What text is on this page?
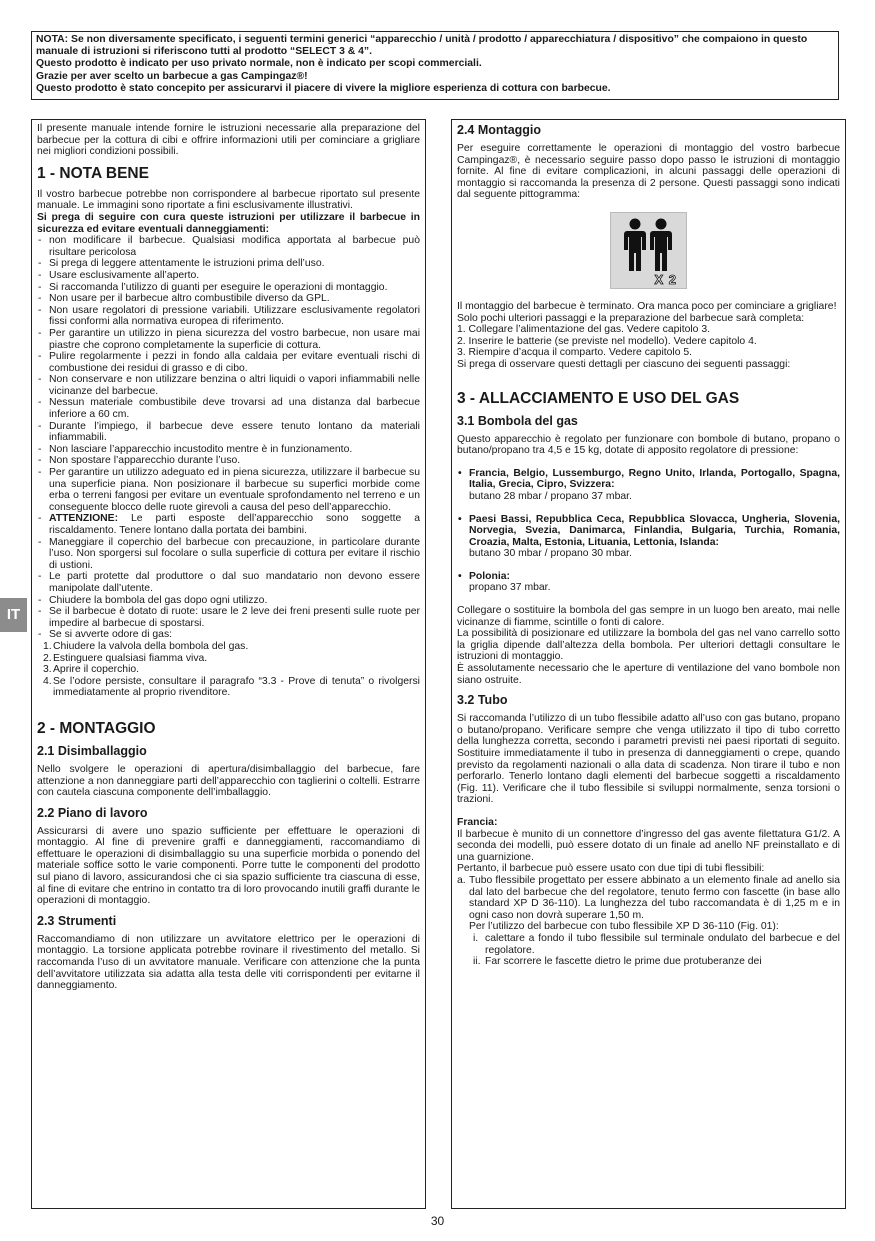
NOTA: Se non diversamente specificato, i seguenti termini generici “apparecchio / unità / prodotto / apparecchiatura / dispositivo” che compaiono in questo manuale di istruzioni si riferiscono tutti al prodotto “SELECT 3 & 4”.

Questo prodotto è indicato per uso privato normale, non è indicato per scopi commerciali.

Grazie per aver scelto un barbecue a gas Campingaz®!

Questo prodotto è stato concepito per assicurarvi il piacere di vivere la migliore esperienza di cottura con barbecue.

IT

Il presente manuale intende fornire le istruzioni necessarie alla preparazione del barbecue per la cottura di cibi e offrire informazioni utili per cominciare a grigliare nei migliori condizioni possibili.

1 - NOTA BENE

Il vostro barbecue potrebbe non corrispondere al barbecue riportato sul presente manuale. Le immagini sono riportate a fini esclusivamente illustrativi.

Si prega di seguire con cura queste istruzioni per utilizzare il barbecue in sicurezza ed evitare eventuali danneggiamenti:

- non modificare il barbecue. Qualsiasi modifica apportata al barbecue può risultare pericolosa
- Si prega di leggere attentamente le istruzioni prima dell’uso.
- Usare esclusivamente all’aperto.
- Si raccomanda l’utilizzo di guanti per eseguire le operazioni di montaggio.
- Non usare per il barbecue altro combustibile diverso da GPL.
- Non usare regolatori di pressione variabili. Utilizzare esclusivamente regolatori fissi conformi alla normativa europea di riferimento.
- Per garantire un utilizzo in piena sicurezza del vostro barbecue, non usare mai piastre che coprono completamente la superficie di cottura.
- Pulire regolarmente i pezzi in fondo alla caldaia per evitare eventuali rischi di combustione dei residui di grasso e di cibo.
- Non conservare e non utilizzare benzina o altri liquidi o vapori infiammabili nelle vicinanze del barbecue.
- Nessun materiale combustibile deve trovarsi ad una distanza dal barbecue inferiore a 60 cm.
- Durante l’impiego, il barbecue deve essere tenuto lontano da materiali infiammabili.
- Non lasciare l’apparecchio incustodito mentre è in funzionamento.
- Non spostare l’apparecchio durante l’uso.
- Per garantire un utilizzo adeguato ed in piena sicurezza, utilizzare il barbecue su una superficie piana. Non posizionare il barbecue su superfici morbide come erba o terreni fangosi per evitare un eventuale sprofondamento nel terreno e un conseguente blocco delle ruote girevoli a causa del peso dell’apparecchio.
- ATTENZIONE: Le parti esposte dell’apparecchio sono soggette a riscaldamento. Tenere lontano dalla portata dei bambini.
- Maneggiare il coperchio del barbecue con precauzione, in particolare durante l’uso. Non sporgersi sul focolare o sulla superficie di cottura per evitare il rischio di ustioni.
- Le parti protette dal produttore o dal suo mandatario non devono essere manipolate dall’utente.
- Chiudere la bombola del gas dopo ogni utilizzo.
- Se il barbecue è dotato di ruote: usare le 2 leve dei freni presenti sulle ruote per impedire al barbecue di spostarsi.
- Se si avverte odore di gas:
1. Chiudere la valvola della bombola del gas.
2. Estinguere qualsiasi fiamma viva.
3. Aprire il coperchio.
4. Se l’odore persiste, consultare il paragrafo “3.3 - Prove di tenuta” o rivolgersi immediatamente al proprio rivenditore.
2 - MONTAGGIO
2.1 Disimballaggio

Nello svolgere le operazioni di apertura/disimballaggio del barbecue, fare attenzione a non danneggiare parti dell’apparecchio con taglierini o coltelli. Estrarre con cautela ciascuna componente dell’imballaggio.

2.2 Piano di lavoro

Assicurarsi di avere uno spazio sufficiente per effettuare le operazioni di montaggio. Al fine di prevenire graffi e danneggiamenti, raccomandiamo di effettuare le operazioni di disimballaggio su una superficie morbida o ponendo del materiale soffice sotto le varie componenti. Porre tutte le componenti del prodotto sul piano di lavoro, assicurandosi che ci sia spazio sufficiente tra ciascuna di esse, al fine di evitare che entrino in contatto tra di loro provocando inutili graffi durante le operazioni di montaggio.

2.3 Strumenti

Raccomandiamo di non utilizzare un avvitatore elettrico per le operazioni di montaggio. La torsione applicata potrebbe rovinare il rivestimento del metallo. Si raccomanda l’uso di un avvitatore manuale. Verificare con attenzione che la punta dell’avvitatore utilizzata sia adatta alla testa delle viti corrispondenti per evitarne il danneggiamento.

2.4 Montaggio

Per eseguire correttamente le operazioni di montaggio del vostro barbecue Campingaz®, è necessario seguire passo dopo passo le istruzioni di montaggio fornite. Al fine di evitare complicazioni, in alcuni passaggi delle operazioni di montaggio si raccomanda la presenza di 2 persone. Questi passaggi sono indicati dal seguente pittogramma:

X 2

Il montaggio del barbecue è terminato. Ora manca poco per cominciare a grigliare!

Solo pochi ulteriori passaggi e la preparazione del barbecue sarà completa:

1. Collegare l’alimentazione del gas. Vedere capitolo 3.

2. Inserire le batterie (se previste nel modello). Vedere capitolo 4.

3. Riempire d’acqua il comparto. Vedere capitolo 5.

Si prega di osservare questi dettagli per ciascuno dei seguenti passaggi:

3 - ALLACCIAMENTO E USO DEL GAS
3.1 Bombola del gas

Questo apparecchio è regolato per funzionare con bombole di butano, propano o butano/propano tra 4,5 e 15 kg, dotate di apposito regolatore di pressione:

• Francia, Belgio, Lussemburgo, Regno Unito, Irlanda, Portogallo, Spagna, Italia, Grecia, Cipro, Svizzera:
butano 28 mbar / propano 37 mbar.
• Paesi Bassi, Repubblica Ceca, Repubblica Slovacca, Ungheria, Slovenia, Norvegia, Svezia, Danimarca, Finlandia, Bulgaria, Turchia, Romania, Croazia, Malta, Estonia, Lituania, Lettonia, Islanda:
butano 30 mbar / propano 30 mbar.
• Polonia:
propano 37 mbar.

Collegare o sostituire la bombola del gas sempre in un luogo ben areato, mai nelle vicinanze di fiamme, scintille o fonti di calore.

La possibilità di posizionare ed utilizzare la bombola del gas nel vano carrello sotto la griglia dipende dall’altezza della bombola. Per ulteriori dettagli consultare le istruzioni di montaggio.

È assolutamente necessario che le aperture di ventilazione del vano bombole non siano ostruite.

3.2 Tubo

Si raccomanda l’utilizzo di un tubo flessibile adatto all’uso con gas butano, propano o butano/propano. Verificare sempre che venga utilizzato il tipo di tubo corretto della lunghezza corretta, secondo i parametri previsti nei paesi riportati di seguito. Sostituire immediatamente il tubo in presenza di danneggiamenti o crepe, quando previsto da regolamenti nazionali o alla data di scadenza. Non tirare il tubo e non perforarlo. Tenerlo lontano dagli elementi del barbecue soggetti a riscaldamento (Fig. 11). Verificare che il tubo flessibile si sviluppi normalmente, senza torsioni o trazioni.

Francia:

Il barbecue è munito di un connettore d’ingresso del gas avente filettatura G1/2. A seconda dei modelli, può essere dotato di un finale ad anello NF preinstallato e di una guarnizione.

Pertanto, il barbecue può essere usato con due tipi di tubi flessibili:

a. Tubo flessibile progettato per essere abbinato a un elemento finale ad anello sia dal lato del barbecue che del regolatore, tenuto fermo con fascette (in base allo standard XP D 36-110). La lunghezza del tubo raccomandata è di 1,25 m e in ogni caso non dovrà superare 1,50 m.
Per l’utilizzo del barbecue con tubo flessibile XP D 36-110 (Fig. 01):
i. calettare a fondo il tubo flessibile sul terminale ondulato del barbecue e del regolatore.
ii. Far scorrere le fascette dietro le prime due protuberanze dei
30
